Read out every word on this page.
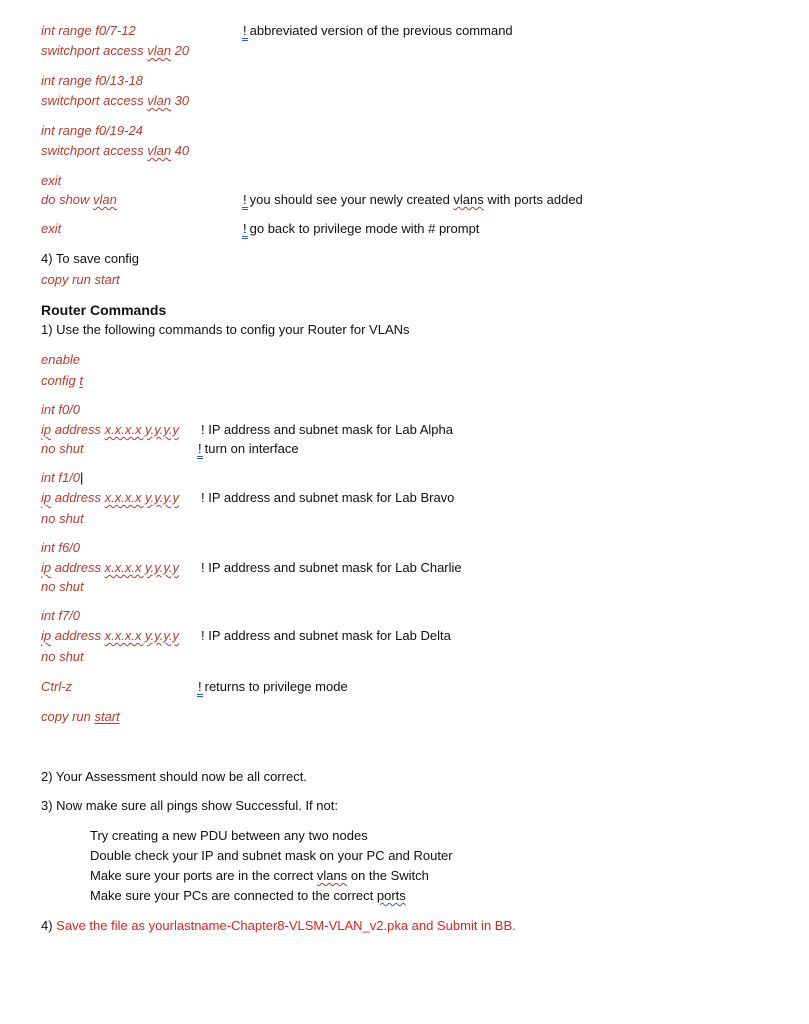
int range f0/7-12	! abbreviated version of the previous command
switchport access vlan 20
int range f0/13-18
switchport access vlan 30
int range f0/19-24
switchport access vlan 40
exit
do show vlan	! you should see your newly created vlans with ports added
exit	! go back to privilege mode with # prompt
4) To save config
copy run start
Router Commands
1) Use the following commands to config your Router for VLANs
enable
config t
int f0/0
ip address x.x.x.x y.y.y.y ! IP address and subnet mask for Lab Alpha
no shut	! turn on interface
int f1/0|
ip address x.x.x.x y.y.y.y ! IP address and subnet mask for Lab Bravo
no shut
int f6/0
ip address x.x.x.x y.y.y.y ! IP address and subnet mask for Lab Charlie
no shut
int f7/0
ip address x.x.x.x y.y.y.y ! IP address and subnet mask for Lab Delta
no shut
Ctrl-z	! returns to privilege mode
copy run start
2) Your Assessment should now be all correct.
3) Now make sure all pings show Successful. If not:
Try creating a new PDU between any two nodes
Double check your IP and subnet mask on your PC and Router
Make sure your ports are in the correct vlans on the Switch
Make sure your PCs are connected to the correct ports
4) Save the file as yourlastname-Chapter8-VLSM-VLAN_v2.pka and Submit in BB.
